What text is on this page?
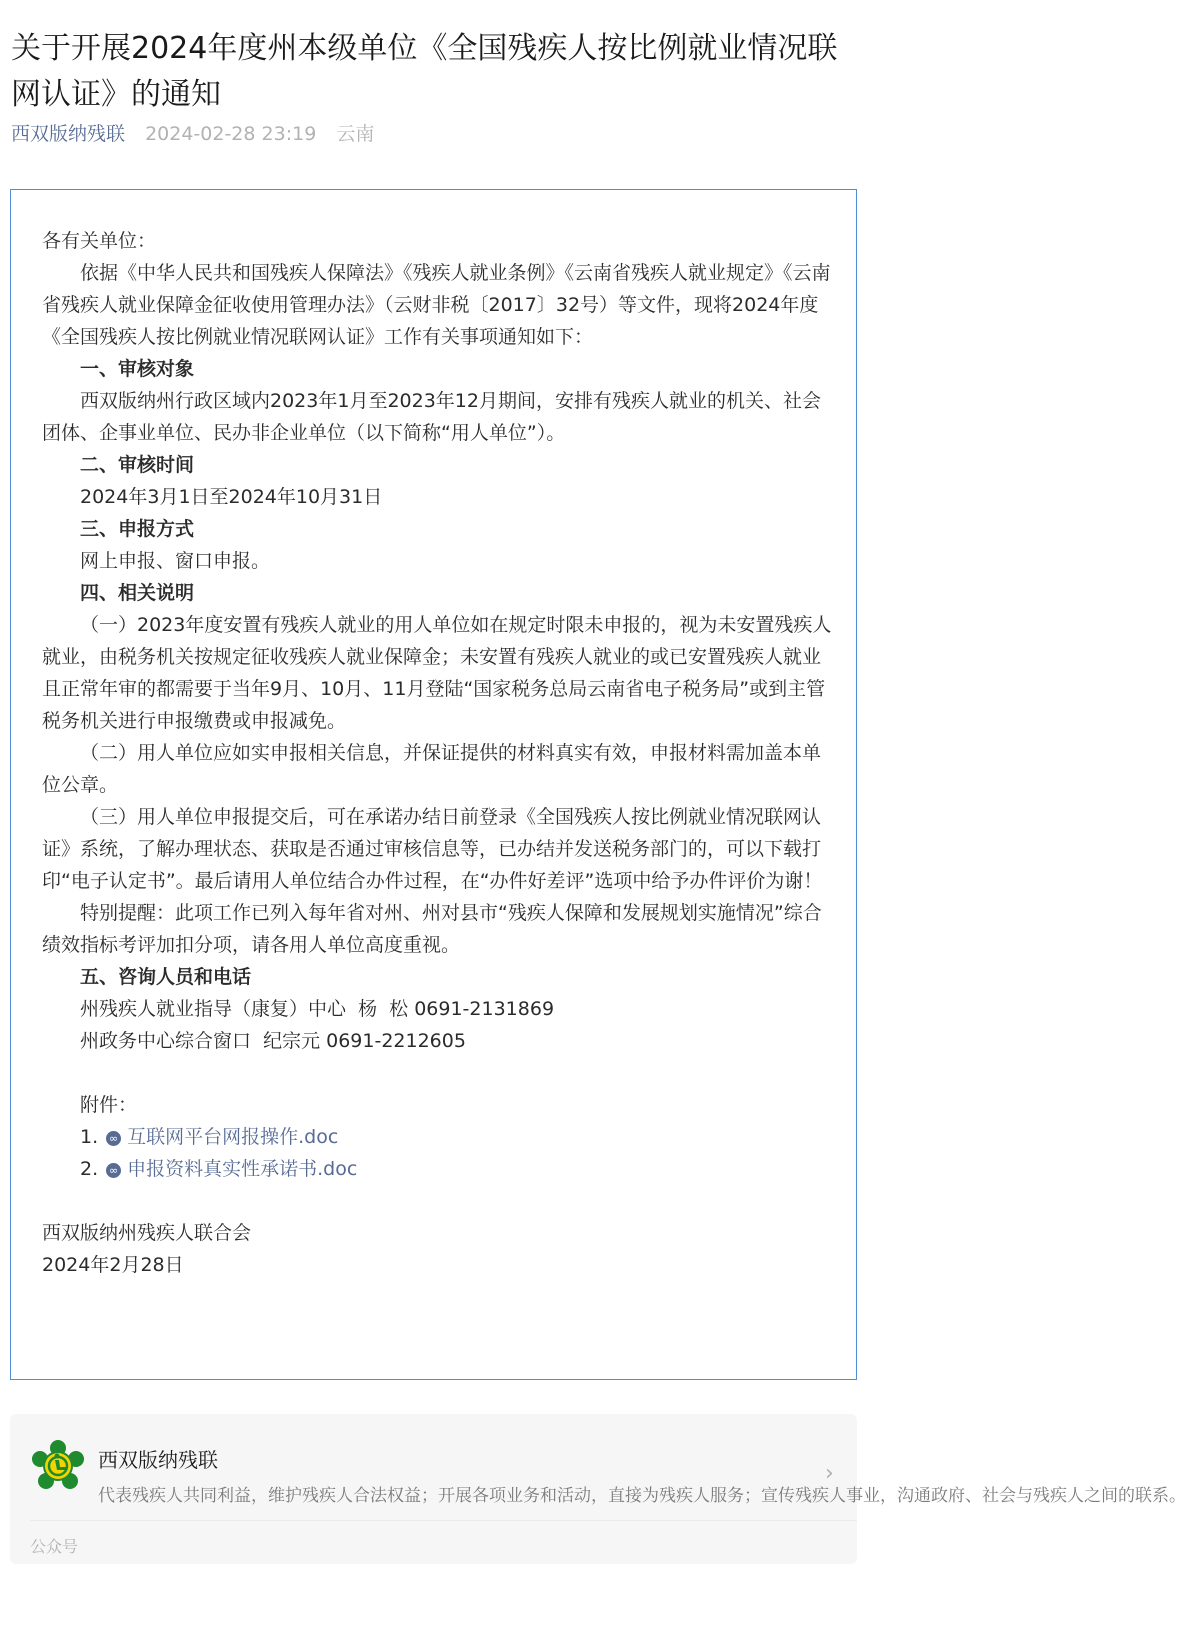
关于开展2024年度州本级单位《全国残疾人按比例就业情况联网认证》的通知
西双版纳残联 2024-02-28 23:19 云南

各有关单位：

依据《中华人民共和国残疾人保障法》《残疾人就业条例》《云南省残疾人就业规定》《云南省残疾人就业保障金征收使用管理办法》（云财非税〔2017〕32号）等文件，现将2024年度《全国残疾人按比例就业情况联网认证》工作有关事项通知如下：

一、审核对象

西双版纳州行政区域内2023年1月至2023年12月期间，安排有残疾人就业的机关、社会团体、企事业单位、民办非企业单位（以下简称“用人单位”）。

二、审核时间

2024年3月1日至2024年10月31日

三、申报方式

网上申报、窗口申报。

四、相关说明

（一）2023年度安置有残疾人就业的用人单位如在规定时限未申报的，视为未安置残疾人就业，由税务机关按规定征收残疾人就业保障金；未安置有残疾人就业的或已安置残疾人就业且正常年审的都需要于当年9月、10月、11月登陆“国家税务总局云南省电子税务局”或到主管税务机关进行申报缴费或申报减免。

（二）用人单位应如实申报相关信息，并保证提供的材料真实有效，申报材料需加盖本单位公章。

（三）用人单位申报提交后，可在承诺办结日前登录《全国残疾人按比例就业情况联网认证》系统，了解办理状态、获取是否通过审核信息等，已办结并发送税务部门的，可以下载打印“电子认定书”。最后请用人单位结合办件过程，在“办件好差评”选项中给予办件评价为谢！

特别提醒：此项工作已列入每年省对州、州对县市“残疾人保障和发展规划实施情况”综合绩效指标考评加扣分项，请各用人单位高度重视。

五、咨询人员和电话

州残疾人就业指导（康复）中心  杨  松 0691-2131869

州政务中心综合窗口  纪宗元 0691-2212605

附件：

1. ∞ 互联网平台网报操作.doc

2. ∞ 申报资料真实性承诺书.doc

西双版纳州残疾人联合会

2024年2月28日

西双版纳残联
代表残疾人共同利益，维护残疾人合法权益；开展各项业务和活动，直接为残疾人服务；宣传残疾人事业，沟通政府、社会与残疾人之间的联系。
›
公众号
